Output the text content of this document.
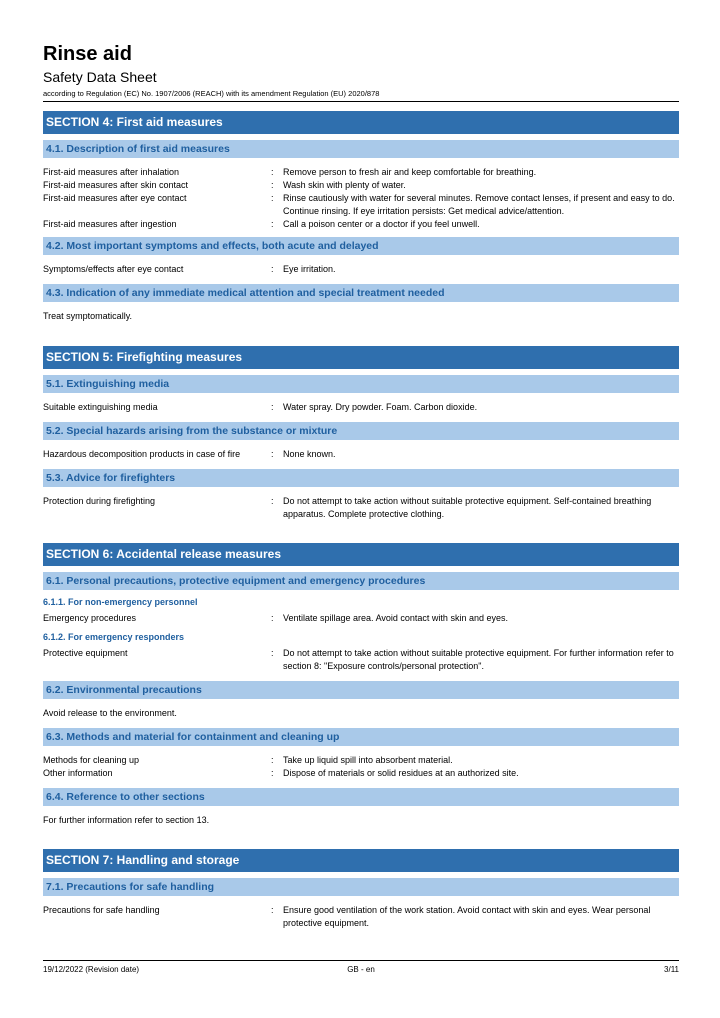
Rinse aid
Safety Data Sheet
according to Regulation (EC) No. 1907/2006 (REACH) with its amendment Regulation (EU) 2020/878
SECTION 4: First aid measures
4.1. Description of first aid measures
First-aid measures after inhalation	:	Remove person to fresh air and keep comfortable for breathing.
First-aid measures after skin contact	:	Wash skin with plenty of water.
First-aid measures after eye contact	:	Rinse cautiously with water for several minutes. Remove contact lenses, if present and easy to do. Continue rinsing. If eye irritation persists: Get medical advice/attention.
First-aid measures after ingestion	:	Call a poison center or a doctor if you feel unwell.
4.2. Most important symptoms and effects, both acute and delayed
Symptoms/effects after eye contact	:	Eye irritation.
4.3. Indication of any immediate medical attention and special treatment needed
Treat symptomatically.
SECTION 5: Firefighting measures
5.1. Extinguishing media
Suitable extinguishing media	:	Water spray. Dry powder. Foam. Carbon dioxide.
5.2. Special hazards arising from the substance or mixture
Hazardous decomposition products in case of fire	:	None known.
5.3. Advice for firefighters
Protection during firefighting	:	Do not attempt to take action without suitable protective equipment. Self-contained breathing apparatus. Complete protective clothing.
SECTION 6: Accidental release measures
6.1. Personal precautions, protective equipment and emergency procedures
6.1.1. For non-emergency personnel
Emergency procedures	:	Ventilate spillage area. Avoid contact with skin and eyes.
6.1.2. For emergency responders
Protective equipment	:	Do not attempt to take action without suitable protective equipment. For further information refer to section 8: "Exposure controls/personal protection".
6.2. Environmental precautions
Avoid release to the environment.
6.3. Methods and material for containment and cleaning up
Methods for cleaning up	:	Take up liquid spill into absorbent material.
Other information	:	Dispose of materials or solid residues at an authorized site.
6.4. Reference to other sections
For further information refer to section 13.
SECTION 7: Handling and storage
7.1. Precautions for safe handling
Precautions for safe handling	:	Ensure good ventilation of the work station. Avoid contact with skin and eyes. Wear personal protective equipment.
19/12/2022 (Revision date)	GB - en	3/11
